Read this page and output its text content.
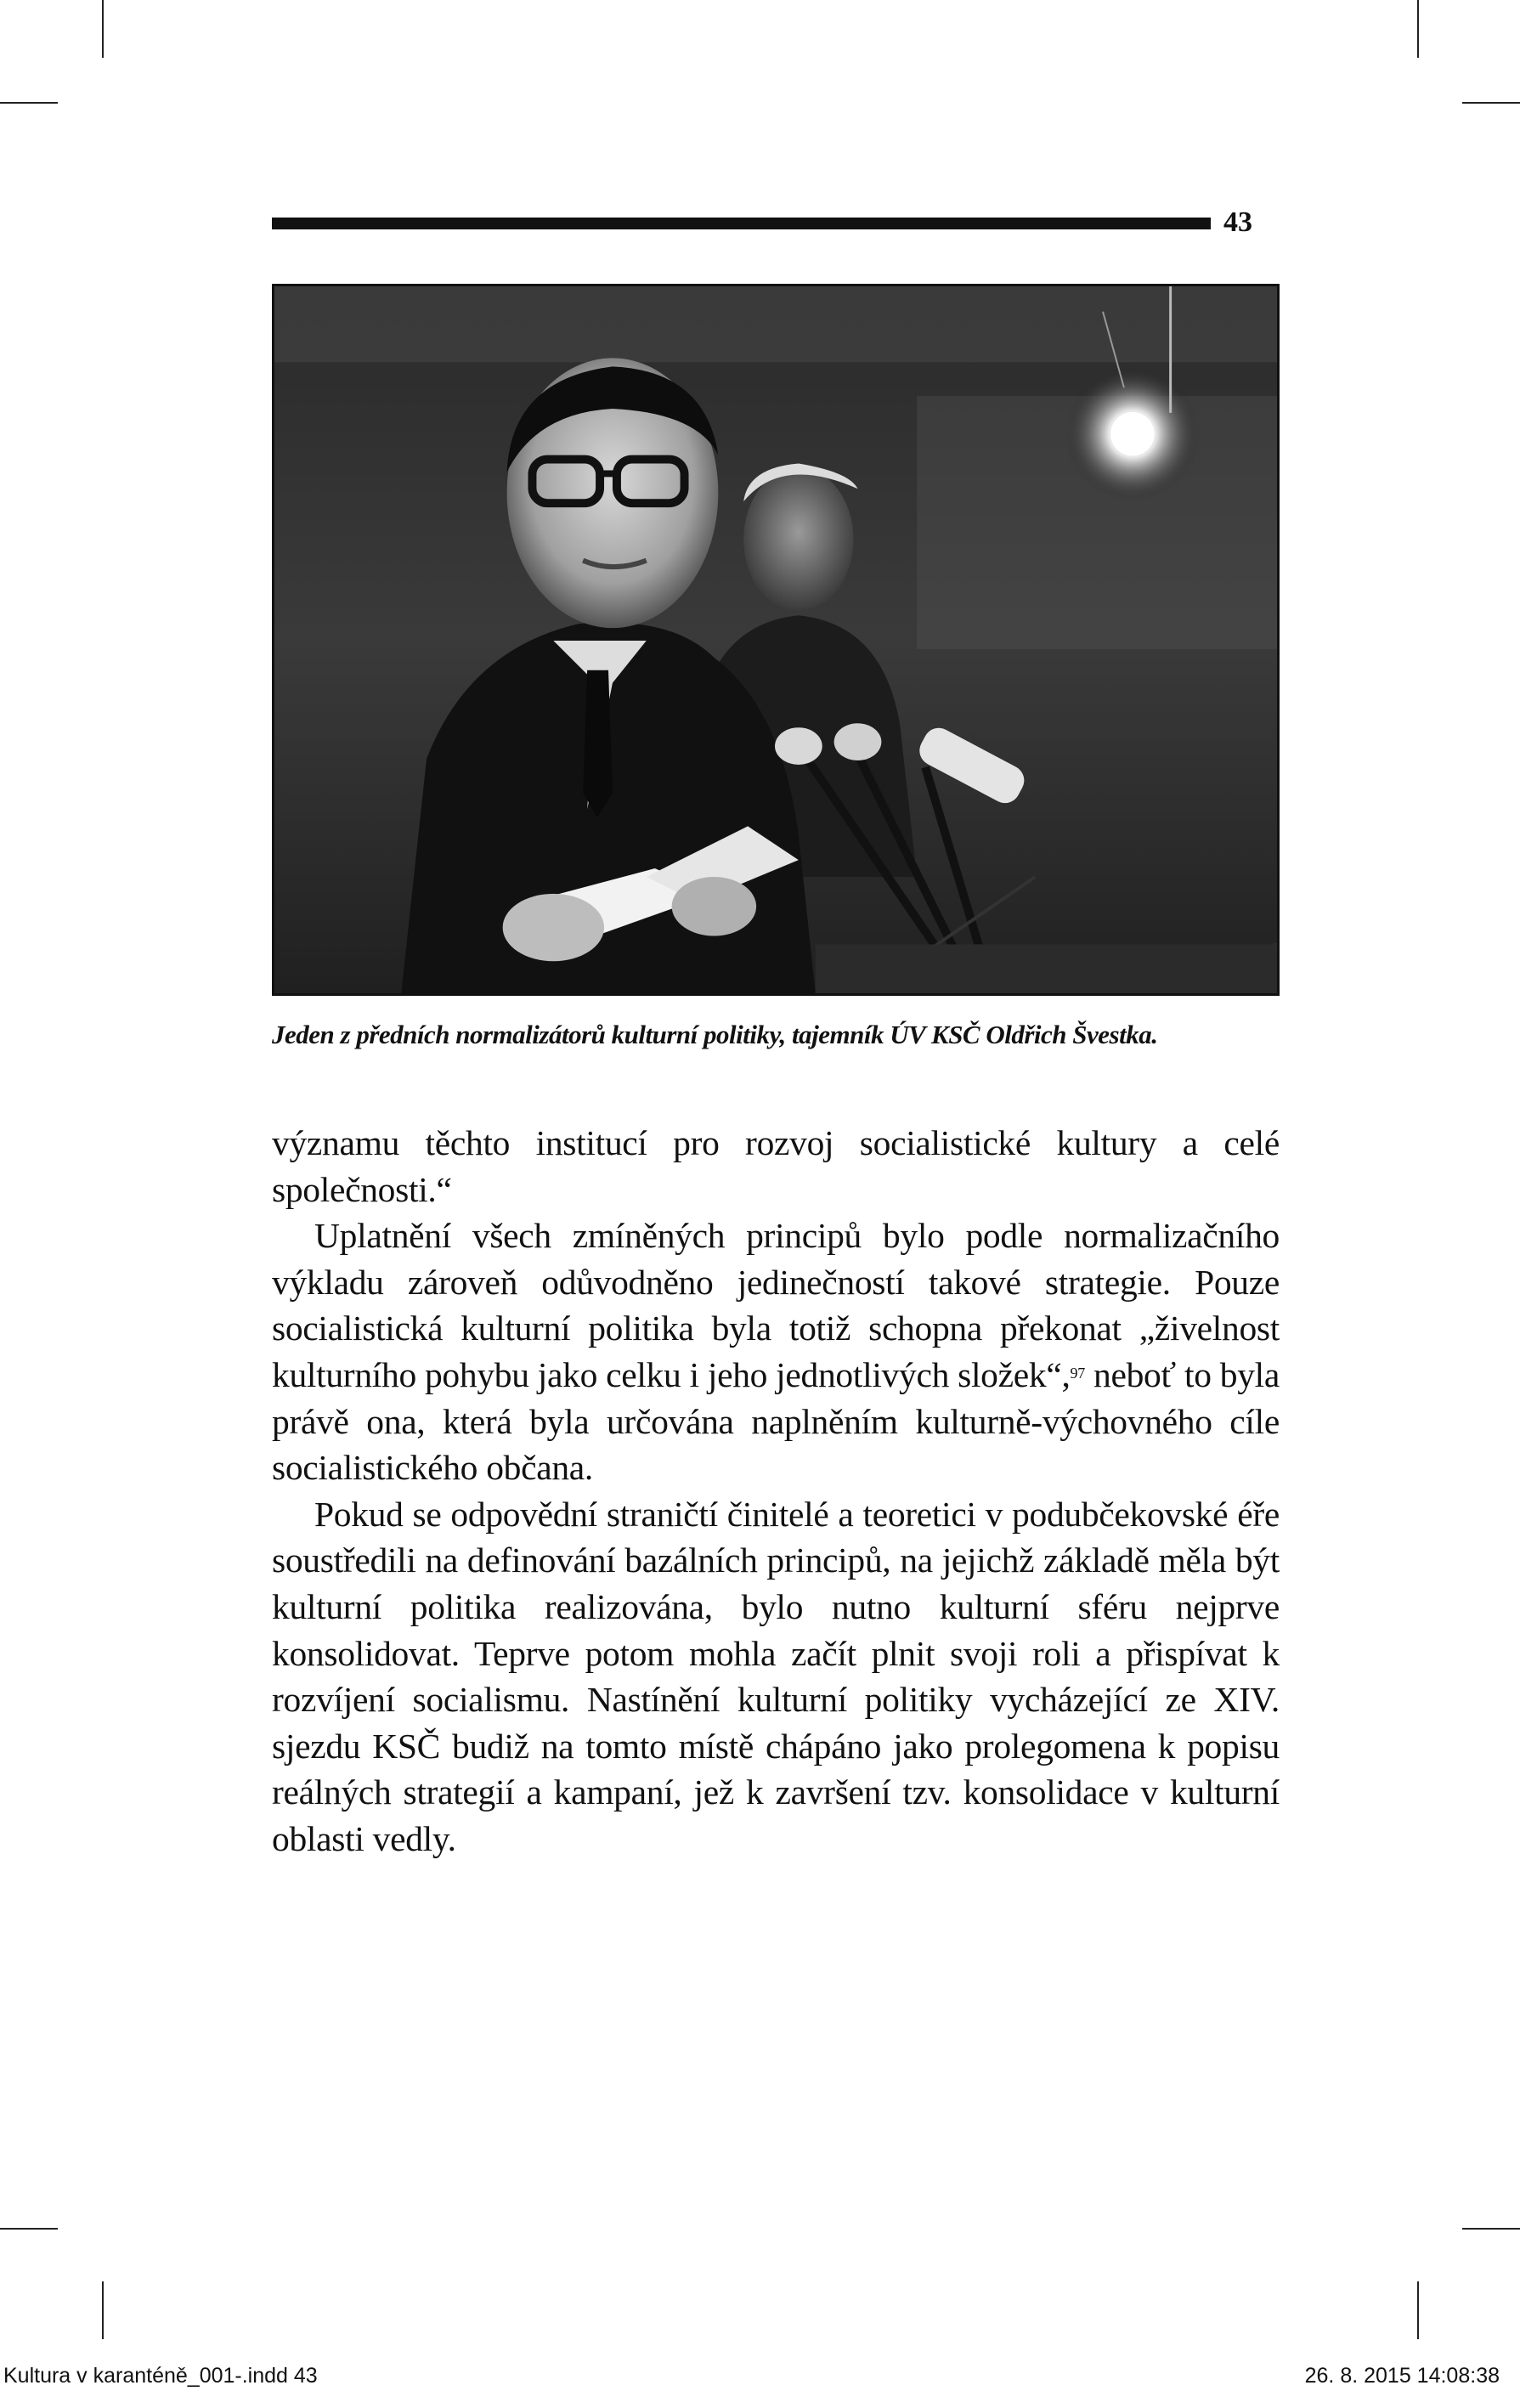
43
Jeden z předních normalizátorů kulturní politiky, tajemník ÚV KSČ Oldřich Švestka.

významu těchto institucí pro rozvoj socialistické kultury a celé společnosti.“

Uplatnění všech zmíněných principů bylo podle normalizačního výkladu zároveň odůvodněno jedinečností takové strategie. Pouze socialistická kulturní politika byla totiž schopna překonat „živelnost kulturního pohybu jako celku i jeho jednotlivých složek“,$^{97}$ neboť to byla právě ona, která byla určována naplněním kulturně-výchovného cíle socialistického občana.

Pokud se odpovědní straničtí činitelé a teoretici v podubčekovské éře soustředili na definování bazálních principů, na jejichž základě měla být kulturní politika realizována, bylo nutno kulturní sféru nejprve konsolidovat. Teprve potom mohla začít plnit svoji roli a přispívat k rozvíjení socialismu. Nastínění kulturní politiky vycházející ze XIV. sjezdu KSČ budiž na tomto místě chápáno jako prolegomena k popisu reálných strategií a kampaní, jež k završení tzv. konsolidace v kulturní oblasti vedly.

Kultura v karanténě_001-.indd 43	26. 8. 2015 14:08:38
